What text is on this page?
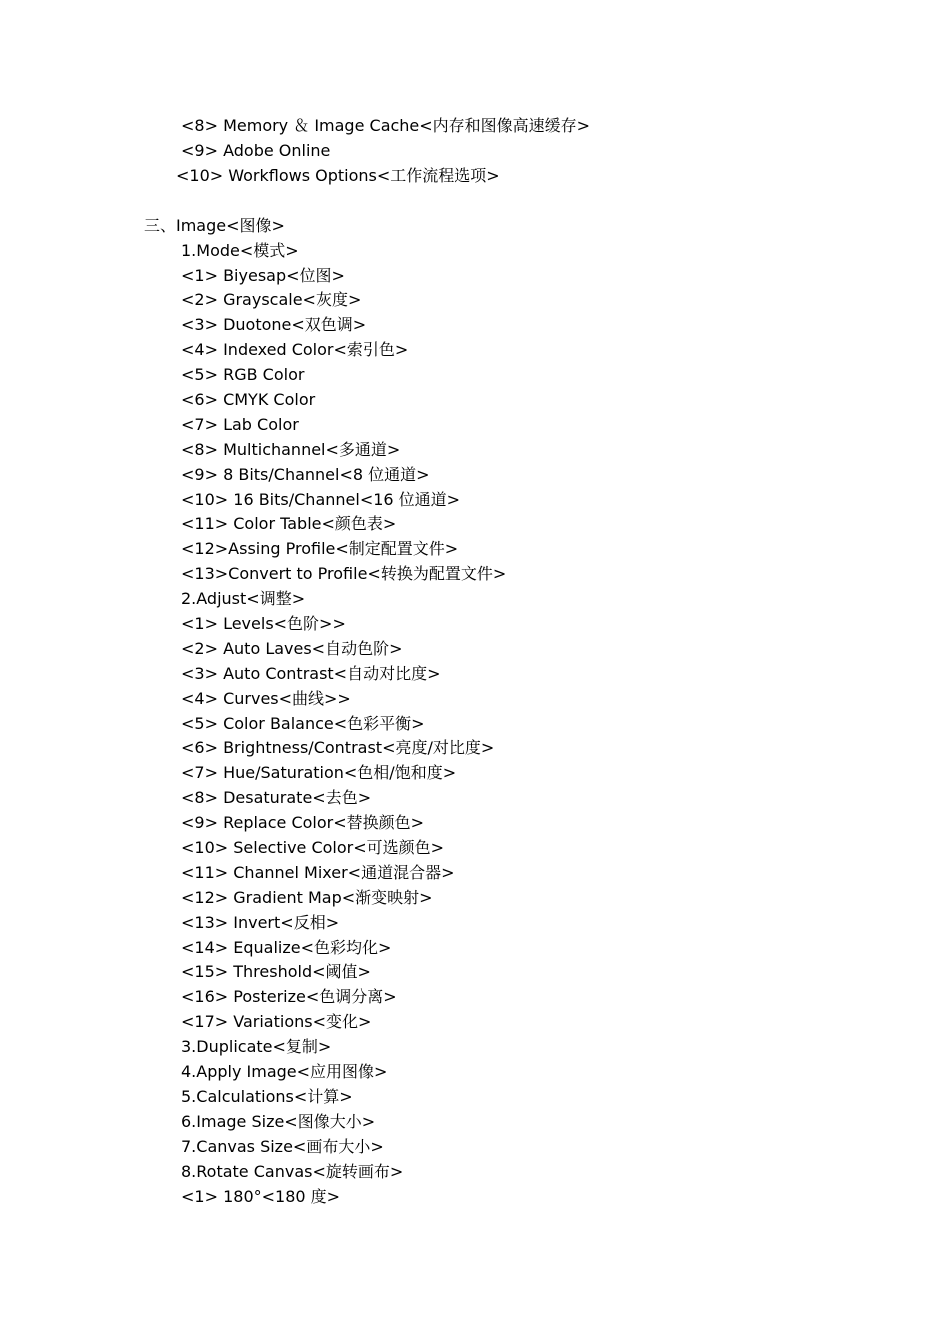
<8> Memory ＆ Image Cache<内存和图像高速缓存>
<9> Adobe Online
<10> Workflows Options<工作流程选项>
三、Image<图像>
1.Mode<模式>
<1> Biyesap<位图>
<2> Grayscale<灰度>
<3> Duotone<双色调>
<4> Indexed Color<索引色>
<5> RGB Color
<6> CMYK Color
<7> Lab Color
<8> Multichannel<多通道>
<9> 8 Bits/Channel<8 位通道>
<10> 16 Bits/Channel<16 位通道>
<11> Color Table<颜色表>
<12>Assing Profile<制定配置文件>
<13>Convert to Profile<转换为配置文件>
2.Adjust<调整>
<1> Levels<色阶>>
<2> Auto Laves<自动色阶>
<3> Auto Contrast<自动对比度>
<4> Curves<曲线>>
<5> Color Balance<色彩平衡>
<6> Brightness/Contrast<亮度/对比度>
<7> Hue/Saturation<色相/饱和度>
<8> Desaturate<去色>
<9> Replace Color<替换颜色>
<10> Selective Color<可选颜色>
<11> Channel Mixer<通道混合器>
<12> Gradient Map<渐变映射>
<13> Invert<反相>
<14> Equalize<色彩均化>
<15> Threshold<阈值>
<16> Posterize<色调分离>
<17> Variations<变化>
3.Duplicate<复制>
4.Apply Image<应用图像>
5.Calculations<计算>
6.Image Size<图像大小>
7.Canvas Size<画布大小>
8.Rotate Canvas<旋转画布>
<1> 180°<180 度>
